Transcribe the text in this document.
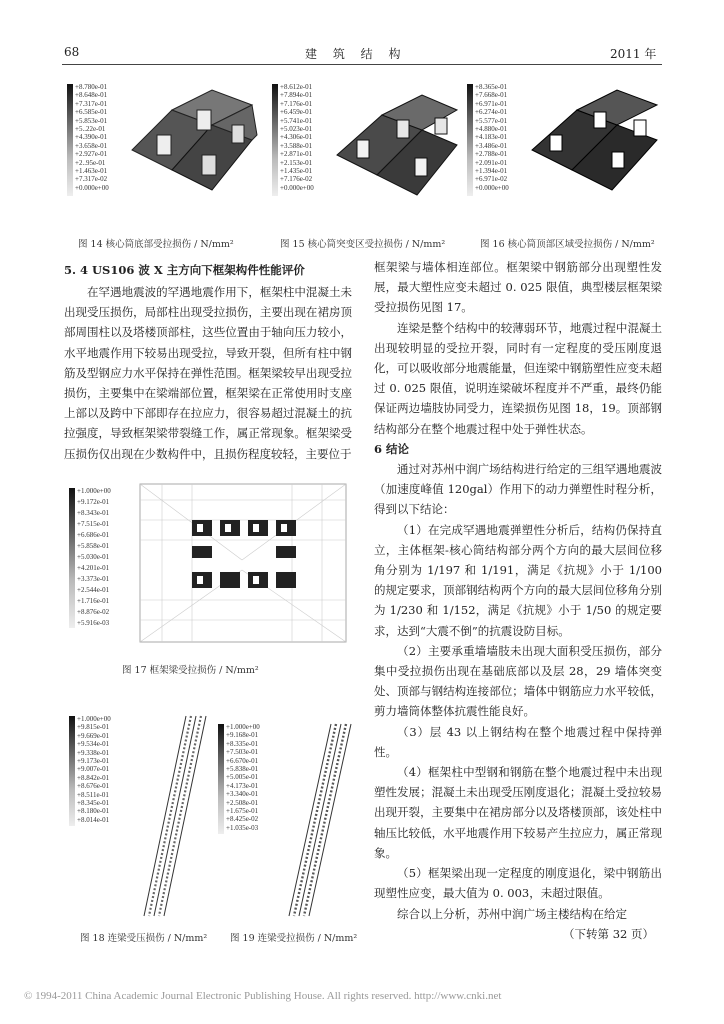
68	建 筑 结 构	2011 年
+8.780e-01
+8.648e-01
+7.317e-01
+6.585e-01
+5.853e-01
+5..22e-01
+4.390e-01
+3.658e-01
+2.927e-01
+2..95e-01
+1.463e-01
+7.317e-02
+0.000e+00
+8.612e-01
+7.894e-01
+7.176e-01
+6.459e-01
+5.741e-01
+5.023e-01
+4.306e-01
+3.588e-01
+2.871e-01
+2.153e-01
+1.435e-01
+7.176e-02
+0.000e+00
+8.365e-01
+7.668e-01
+6.971e-01
+6.274e-01
+5.577e-01
+4.880e-01
+4.183e-01
+3.486e-01
+2.788e-01
+2.091e-01
+1.394e-01
+6.971e-02
+0.000e+00
图 14 核心筒底部受拉损伤 / N/mm²	图 15 核心筒突变区受拉损伤 / N/mm²	图 16 核心筒顶部区域受拉损伤 / N/mm²
5. 4 US106 波 X 主方向下框架构件性能评价

在罕遇地震波的罕遇地震作用下，框架柱中混凝土未出现受压损伤，局部柱出现受拉损伤，主要出现在裙房顶部周围柱以及塔楼顶部柱，这些位置由于轴向压力较小，水平地震作用下较易出现受拉，导致开裂，但所有柱中钢筋及型钢应力水平保持在弹性范围。框架梁较早出现受拉损伤，主要集中在梁端部位置，框架梁在正常使用时支座上部以及跨中下部即存在拉应力，很容易超过混凝土的抗拉强度，导致框架梁带裂缝工作，属正常现象。框架梁受压损伤仅出现在少数构件中，且损伤程度较轻，主要位于

+1.000e+00
+9.172e-01
+8.343e-01
+7.515e-01
+6.686e-01
+5.858e-01
+5.030e-01
+4.201e-01
+3.373e-01
+2.544e-01
+1.716e-01
+8.876e-02
+5.916e-03
图 17 框架梁受拉损伤 / N/mm²
+1.000e+00
+9.815e-01
+9.669e-01
+9.534e-01
+9.338e-01
+9.173e-01
+9.007e-01
+8.842e-01
+8.676e-01
+8.511e-01
+8.345e-01
+8.180e-01
+8.014e-01
图 18 连梁受压损伤 / N/mm²
+1.000e+00
+9.168e-01
+8.335e-01
+7.503e-01
+6.670e-01
+5.838e-01
+5.005e-01
+4.173e-01
+3.340e-01
+2.508e-01
+1.675e-01
+8.425e-02
+1.035e-03
图 19 连梁受拉损伤 / N/mm²

框架梁与墙体相连部位。框架梁中钢筋部分出现塑性发展，最大塑性应变未超过 0. 025 限值，典型楼层框架梁受拉损伤见图 17。

连梁是整个结构中的较薄弱环节，地震过程中混凝土出现较明显的受拉开裂，同时有一定程度的受压刚度退化，可以吸收部分地震能量，但连梁中钢筋塑性应变未超过 0. 025 限值，说明连梁破坏程度并不严重，最终仍能保证两边墙肢协同受力，连梁损伤见图 18，19。顶部钢结构部分在整个地震过程中处于弹性状态。

6 结论

通过对苏州中润广场结构进行给定的三组罕遇地震波（加速度峰值 120gal）作用下的动力弹塑性时程分析，得到以下结论：

（1）在完成罕遇地震弹塑性分析后，结构仍保持直立，主体框架-核心筒结构部分两个方向的最大层间位移角分别为 1/197 和 1/191，满足《抗规》小于 1/100 的规定要求，顶部钢结构两个方向的最大层间位移角分别为 1/230 和 1/152，满足《抗规》小于 1/50 的规定要求，达到“大震不倒”的抗震设防目标。

（2）主要承重墙墙肢未出现大面积受压损伤，部分集中受拉损伤出现在基础底部以及层 28，29 墙体突变处、顶部与钢结构连接部位；墙体中钢筋应力水平较低，剪力墙筒体整体抗震性能良好。

（3）层 43 以上钢结构在整个地震过程中保持弹性。

（4）框架柱中型钢和钢筋在整个地震过程中未出现塑性发展；混凝土未出现受压刚度退化；混凝土受拉较易出现开裂，主要集中在裙房部分以及塔楼顶部，该处柱中轴压比较低，水平地震作用下较易产生拉应力，属正常现象。

（5）框架梁出现一定程度的刚度退化，梁中钢筋出现塑性应变，最大值为 0. 003，未超过限值。

综合以上分析，苏州中润广场主楼结构在给定

（下转第 32 页）

© 1994-2011 China Academic Journal Electronic Publishing House. All rights reserved. http://www.cnki.net
